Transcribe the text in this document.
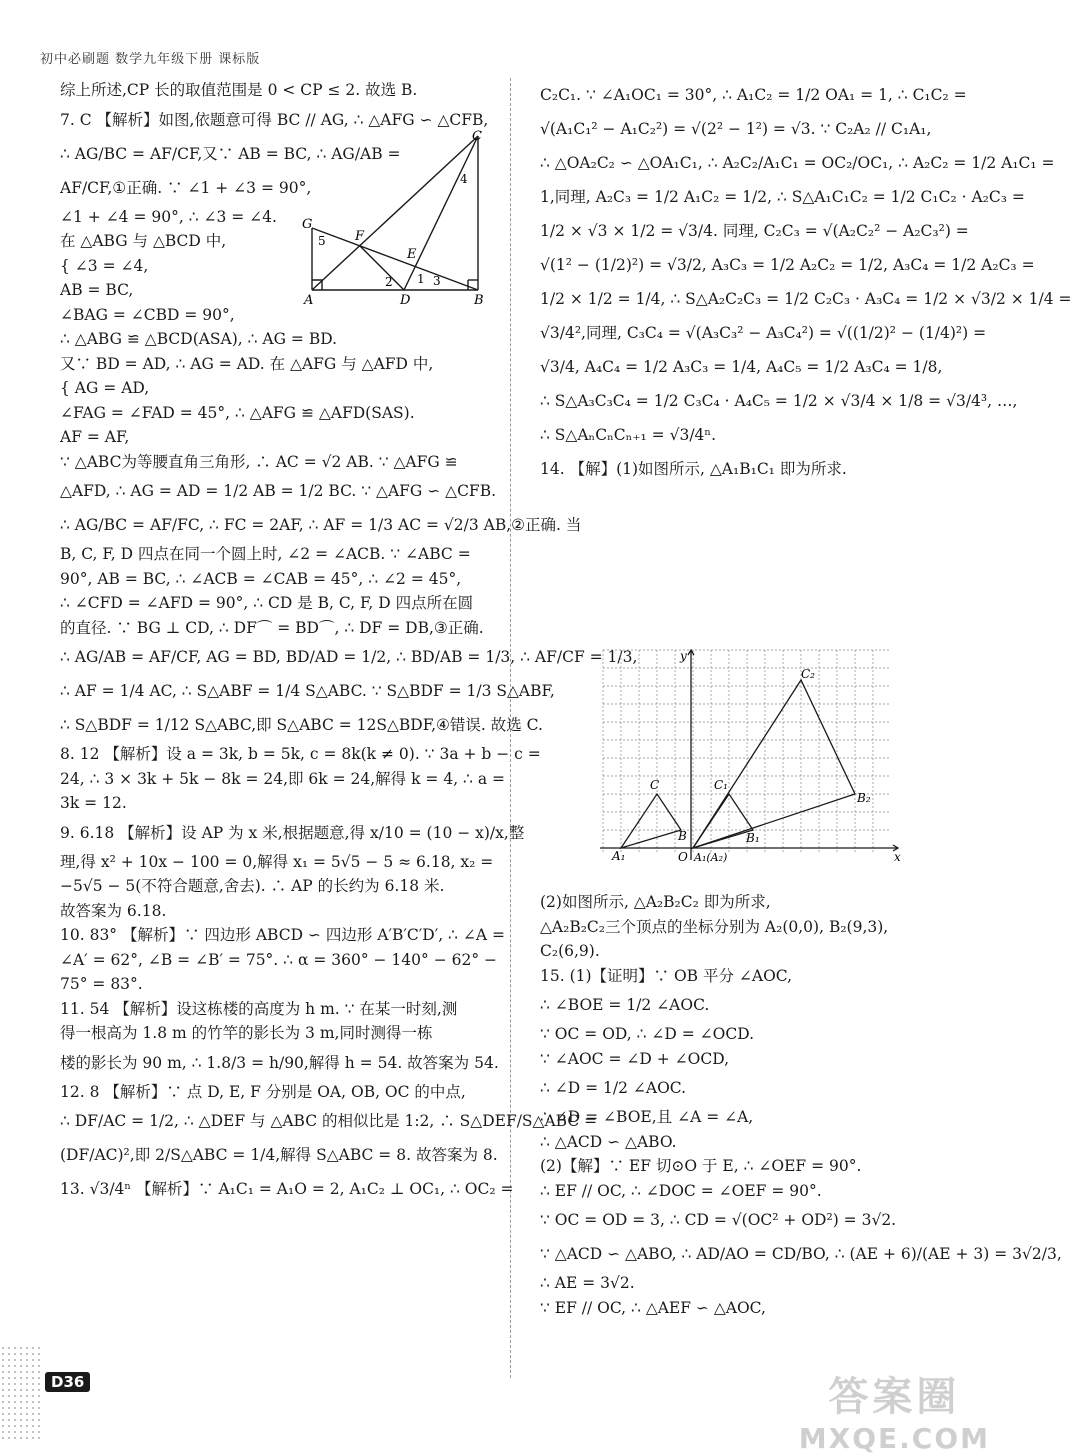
初中必刷题 数学九年级下册 课标版
综上所述,CP 长的取值范围是 0 < CP ≤ 2. 故选 B.
7. C 【解析】如图,依题意可得 BC // AG, ∴ △AFG ∽ △CFB,
∴ AG/BC = AF/CF,又∵ AB = BC, ∴ AG/AB =
AF/CF,①正确. ∵ ∠1 + ∠3 = 90°,
∠1 + ∠4 = 90°, ∴ ∠3 = ∠4.
在 △ABG 与 △BCD 中,
{ ∠3 = ∠4,
AB = BC,
∠BAG = ∠CBD = 90°,
∴ △ABG ≌ △BCD(ASA), ∴ AG = BD.
又∵ BD = AD, ∴ AG = AD. 在 △AFG 与 △AFD 中,
{ AG = AD,
∠FAG = ∠FAD = 45°, ∴ △AFG ≌ △AFD(SAS).
AF = AF,
∵ △ABC为等腰直角三角形, ∴ AC = √2 AB. ∵ △AFG ≌
△AFD, ∴ AG = AD = 1/2 AB = 1/2 BC. ∵ △AFG ∽ △CFB.
∴ AG/BC = AF/FC, ∴ FC = 2AF, ∴ AF = 1/3 AC = √2/3 AB,②正确. 当
B, C, F, D 四点在同一个圆上时, ∠2 = ∠ACB. ∵ ∠ABC =
90°, AB = BC, ∴ ∠ACB = ∠CAB = 45°, ∴ ∠2 = 45°,
∴ ∠CFD = ∠AFD = 90°, ∴ CD 是 B, C, F, D 四点所在圆
的直径. ∵ BG ⊥ CD, ∴ DF⌒ = BD⌒, ∴ DF = DB,③正确.
∴ AG/AB = AF/CF, AG = BD, BD/AD = 1/2, ∴ BD/AB = 1/3, ∴ AF/CF = 1/3,
∴ AF = 1/4 AC, ∴ S△ABF = 1/4 S△ABC. ∵ S△BDF = 1/3 S△ABF,
∴ S△BDF = 1/12 S△ABC,即 S△ABC = 12S△BDF,④错误. 故选 C.
8. 12 【解析】设 a = 3k, b = 5k, c = 8k(k ≠ 0). ∵ 3a + b − c =
24, ∴ 3 × 3k + 5k − 8k = 24,即 6k = 24,解得 k = 4, ∴ a =
3k = 12.
9. 6.18 【解析】设 AP 为 x 米,根据题意,得 x/10 = (10 − x)/x,整
理,得 x² + 10x − 100 = 0,解得 x₁ = 5√5 − 5 ≈ 6.18, x₂ =
−5√5 − 5(不符合题意,舍去). ∴ AP 的长约为 6.18 米.
故答案为 6.18.
10. 83° 【解析】∵ 四边形 ABCD ∽ 四边形 A′B′C′D′, ∴ ∠A =
∠A′ = 62°, ∠B = ∠B′ = 75°. ∴ α = 360° − 140° − 62° −
75° = 83°.
11. 54 【解析】设这栋楼的高度为 h m. ∵ 在某一时刻,测
得一根高为 1.8 m 的竹竿的影长为 3 m,同时测得一栋
楼的影长为 90 m, ∴ 1.8/3 = h/90,解得 h = 54. 故答案为 54.
12. 8 【解析】∵ 点 D, E, F 分别是 OA, OB, OC 的中点,
∴ DF/AC = 1/2, ∴ △DEF 与 △ABC 的相似比是 1:2, ∴ S△DEF/S△ABC =
(DF/AC)²,即 2/S△ABC = 1/4,解得 S△ABC = 8. 故答案为 8.
13. √3/4ⁿ 【解析】∵ A₁C₁ = A₁O = 2, A₁C₂ ⊥ OC₁, ∴ OC₂ =
C
G
F
E
A	D	B
1
2	3
4
5
C₂C₁. ∵ ∠A₁OC₁ = 30°, ∴ A₁C₂ = 1/2 OA₁ = 1, ∴ C₁C₂ =
√(A₁C₁² − A₁C₂²) = √(2² − 1²) = √3. ∵ C₂A₂ // C₁A₁,
∴ △OA₂C₂ ∽ △OA₁C₁, ∴ A₂C₂/A₁C₁ = OC₂/OC₁, ∴ A₂C₂ = 1/2 A₁C₁ =
1,同理, A₂C₃ = 1/2 A₁C₂ = 1/2, ∴ S△A₁C₁C₂ = 1/2 C₁C₂ · A₂C₃ =
1/2 × √3 × 1/2 = √3/4. 同理, C₂C₃ = √(A₂C₂² − A₂C₃²) =
√(1² − (1/2)²) = √3/2, A₃C₃ = 1/2 A₂C₂ = 1/2, A₃C₄ = 1/2 A₂C₃ =
1/2 × 1/2 = 1/4, ∴ S△A₂C₂C₃ = 1/2 C₂C₃ · A₃C₄ = 1/2 × √3/2 × 1/4 =
√3/4²,同理, C₃C₄ = √(A₃C₃² − A₃C₄²) = √((1/2)² − (1/4)²) =
√3/4, A₄C₄ = 1/2 A₃C₃ = 1/4, A₄C₅ = 1/2 A₃C₄ = 1/8,
∴ S△A₃C₃C₄ = 1/2 C₃C₄ · A₄C₅ = 1/2 × √3/4 × 1/8 = √3/4³, …,
∴ S△AₙCₙCₙ₊₁ = √3/4ⁿ.
14. 【解】(1)如图所示, △A₁B₁C₁ 即为所求.
x
y
O
A₁
B
C	C₁
B₁
A₁(A₂)
C₂
B₂
(2)如图所示, △A₂B₂C₂ 即为所求,
△A₂B₂C₂三个顶点的坐标分别为 A₂(0,0), B₂(9,3),
C₂(6,9).
15. (1)【证明】∵ OB 平分 ∠AOC,
∴ ∠BOE = 1/2 ∠AOC.
∵ OC = OD, ∴ ∠D = ∠OCD.
∵ ∠AOC = ∠D + ∠OCD,
∴ ∠D = 1/2 ∠AOC.
∴ ∠D = ∠BOE,且 ∠A = ∠A,
∴ △ACD ∽ △ABO.
(2)【解】∵ EF 切⊙O 于 E, ∴ ∠OEF = 90°.
∴ EF // OC, ∴ ∠DOC = ∠OEF = 90°.
∵ OC = OD = 3, ∴ CD = √(OC² + OD²) = 3√2.
∵ △ACD ∽ △ABO, ∴ AD/AO = CD/BO, ∴ (AE + 6)/(AE + 3) = 3√2/3,
∴ AE = 3√2.
∵ EF // OC, ∴ △AEF ∽ △AOC,
D36	答案圈
MXQE.COM
